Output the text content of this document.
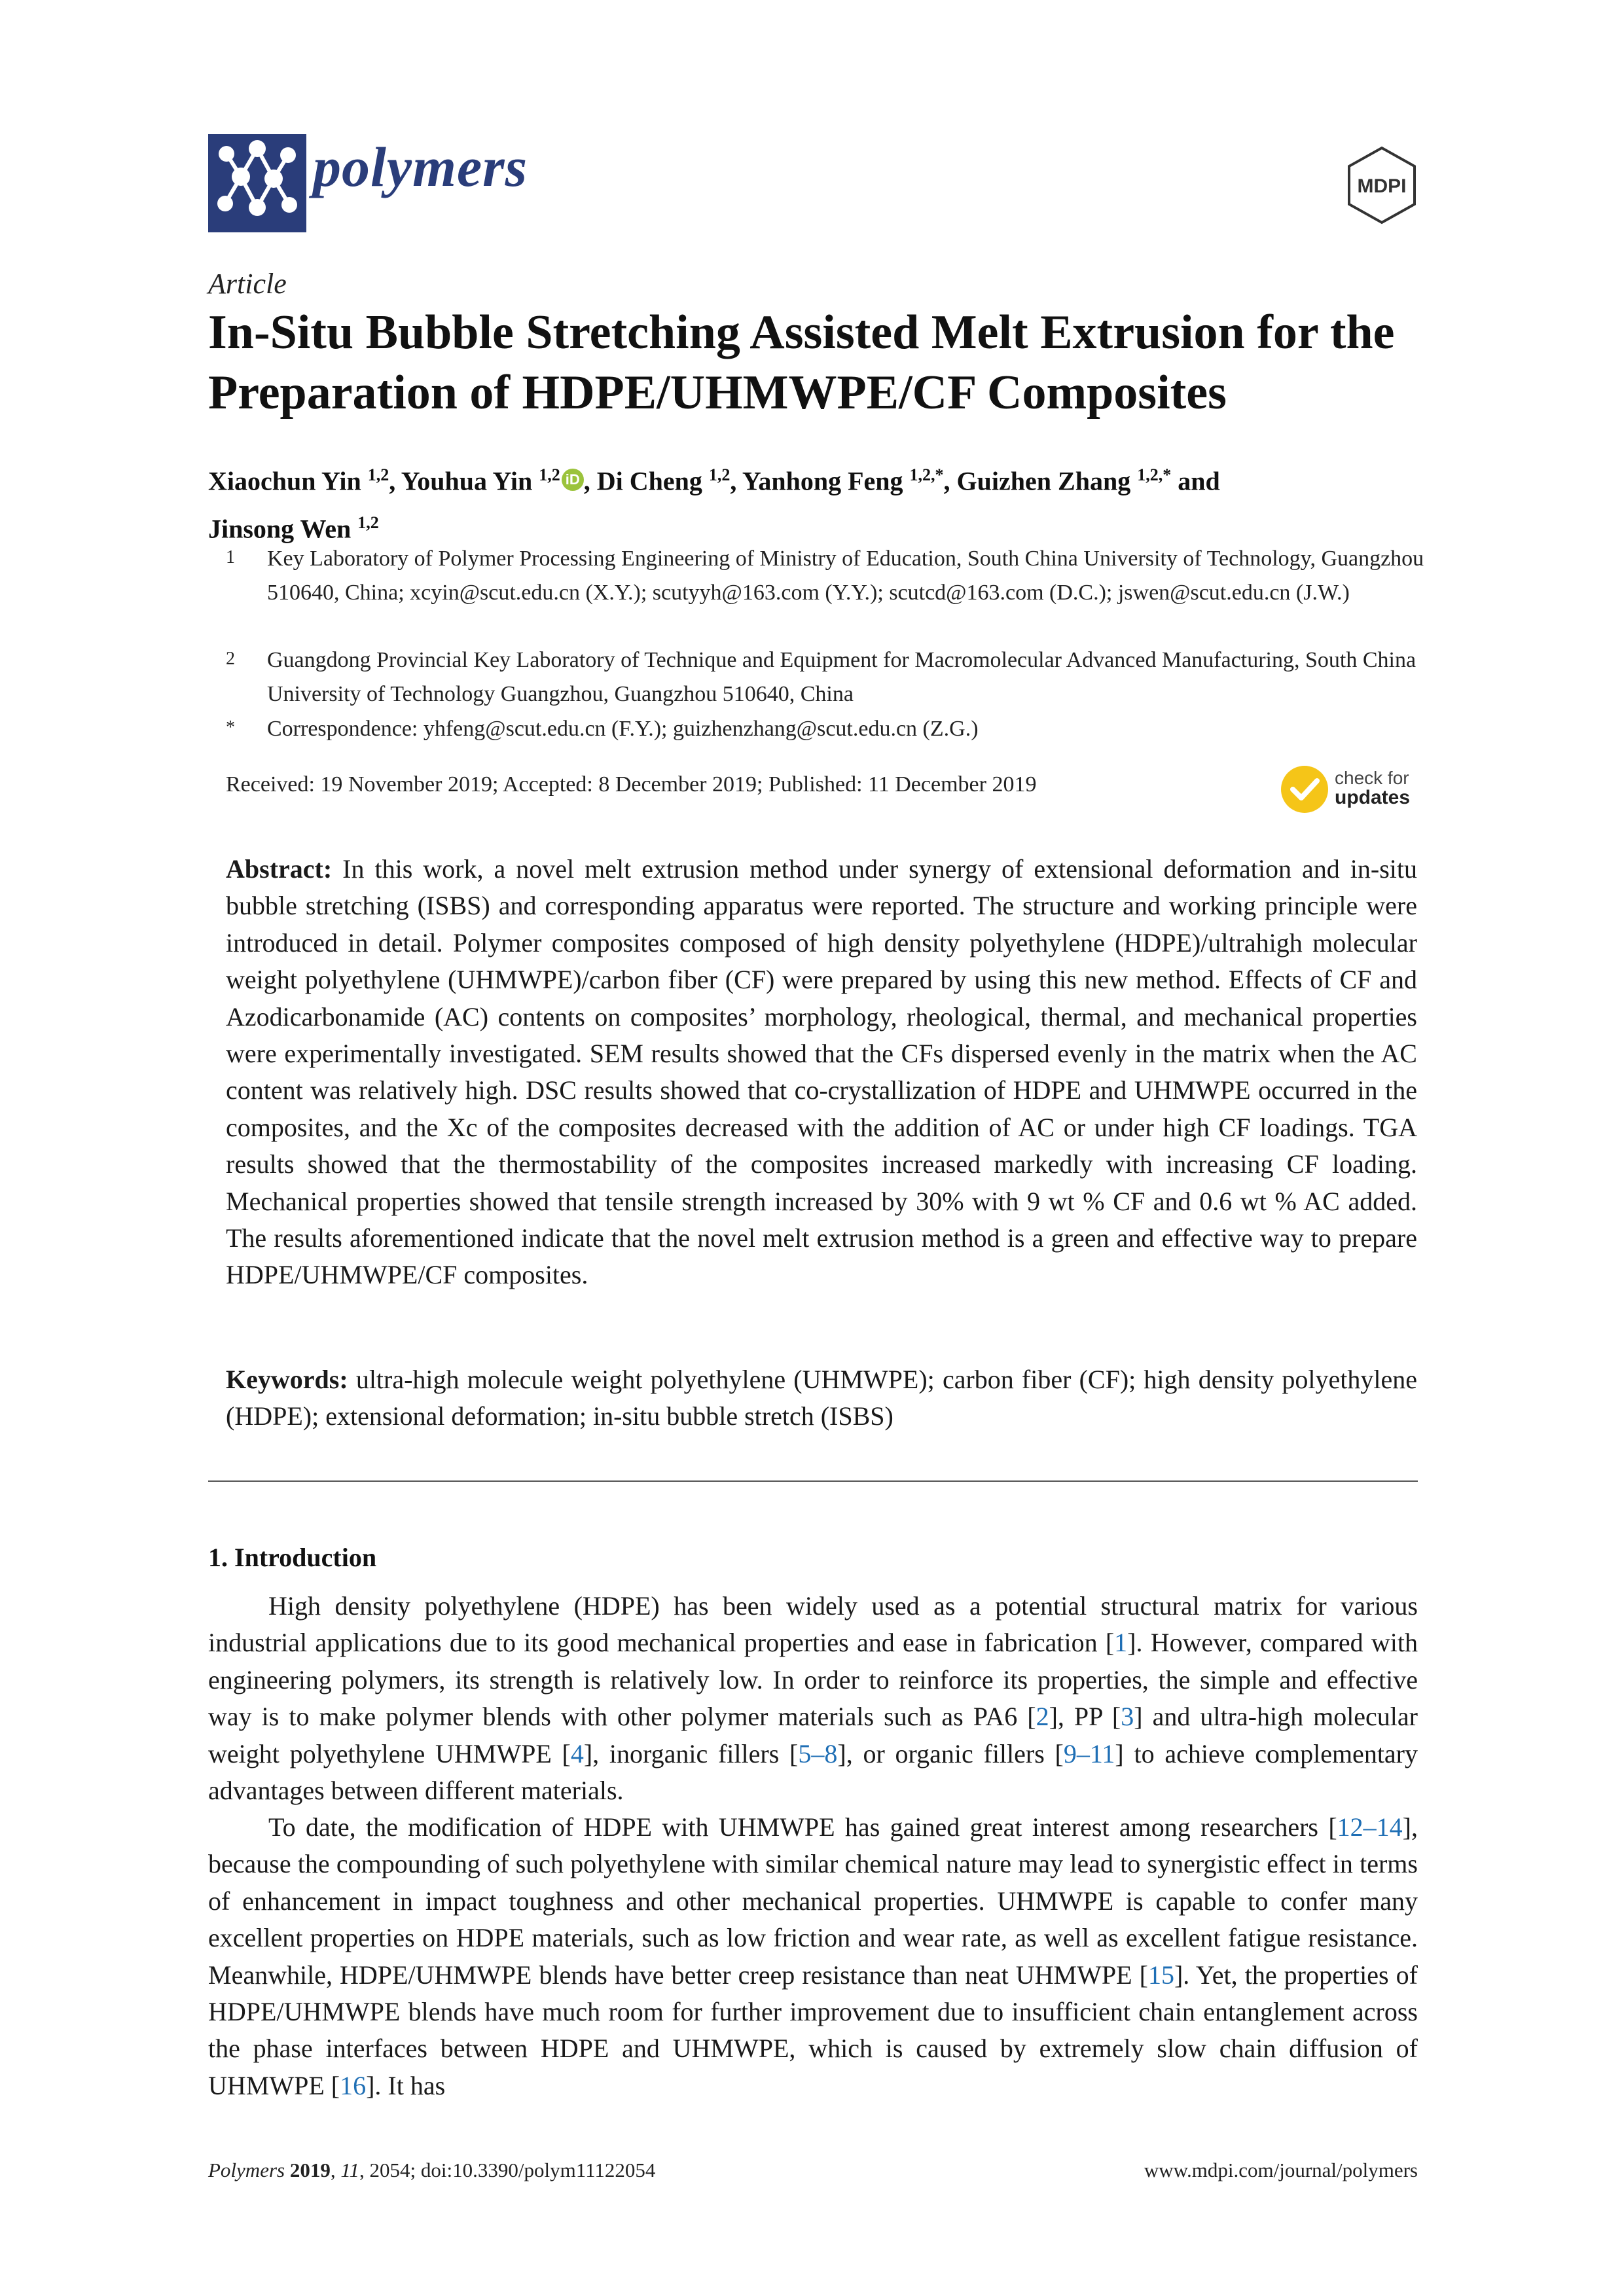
polymers	MDPI
Article
In-Situ Bubble Stretching Assisted Melt Extrusion for the Preparation of HDPE/UHMWPE/CF Composites
Xiaochun Yin $^{1,2}$, Youhua Yin $^{1,2}$ iD , Di Cheng $^{1,2}$, Yanhong Feng $^{1,2,*}$, Guizhen Zhang $^{1,2,*}$ and
Jinsong Wen $^{1,2}$
1 Key Laboratory of Polymer Processing Engineering of Ministry of Education, South China University of Technology, Guangzhou 510640, China; xcyin@scut.edu.cn (X.Y.); scutyyh@163.com (Y.Y.); scutcd@163.com (D.C.); jswen@scut.edu.cn (J.W.)
2 Guangdong Provincial Key Laboratory of Technique and Equipment for Macromolecular Advanced Manufacturing, South China University of Technology Guangzhou, Guangzhou 510640, China
* Correspondence: yhfeng@scut.edu.cn (F.Y.); guizhenzhang@scut.edu.cn (Z.G.)
Received: 19 November 2019; Accepted: 8 December 2019; Published: 11 December 2019	check for
updates
Abstract: In this work, a novel melt extrusion method under synergy of extensional deformation and in-situ bubble stretching (ISBS) and corresponding apparatus were reported. The structure and working principle were introduced in detail. Polymer composites composed of high density polyethylene (HDPE)/ultrahigh molecular weight polyethylene (UHMWPE)/carbon fiber (CF) were prepared by using this new method. Effects of CF and Azodicarbonamide (AC) contents on composites’ morphology, rheological, thermal, and mechanical properties were experimentally investigated. SEM results showed that the CFs dispersed evenly in the matrix when the AC content was relatively high. DSC results showed that co-crystallization of HDPE and UHMWPE occurred in the composites, and the Xc of the composites decreased with the addition of AC or under high CF loadings. TGA results showed that the thermostability of the composites increased markedly with increasing CF loading. Mechanical properties showed that tensile strength increased by 30% with 9 wt % CF and 0.6 wt % AC added. The results aforementioned indicate that the novel melt extrusion method is a green and effective way to prepare HDPE/UHMWPE/CF composites.
Keywords: ultra-high molecule weight polyethylene (UHMWPE); carbon fiber (CF); high density polyethylene (HDPE); extensional deformation; in-situ bubble stretch (ISBS)
1. Introduction
High density polyethylene (HDPE) has been widely used as a potential structural matrix for various industrial applications due to its good mechanical properties and ease in fabrication [1]. However, compared with engineering polymers, its strength is relatively low. In order to reinforce its properties, the simple and effective way is to make polymer blends with other polymer materials such as PA6 [2], PP [3] and ultra-high molecular weight polyethylene UHMWPE [4], inorganic fillers [5–8], or organic fillers [9–11] to achieve complementary advantages between different materials.
To date, the modification of HDPE with UHMWPE has gained great interest among researchers [12–14], because the compounding of such polyethylene with similar chemical nature may lead to synergistic effect in terms of enhancement in impact toughness and other mechanical properties. UHMWPE is capable to confer many excellent properties on HDPE materials, such as low friction and wear rate, as well as excellent fatigue resistance. Meanwhile, HDPE/UHMWPE blends have better creep resistance than neat UHMWPE [15]. Yet, the properties of HDPE/UHMWPE blends have much room for further improvement due to insufficient chain entanglement across the phase interfaces between HDPE and UHMWPE, which is caused by extremely slow chain diffusion of UHMWPE [16]. It has
Polymers 2019, 11, 2054; doi:10.3390/polym11122054	www.mdpi.com/journal/polymers
